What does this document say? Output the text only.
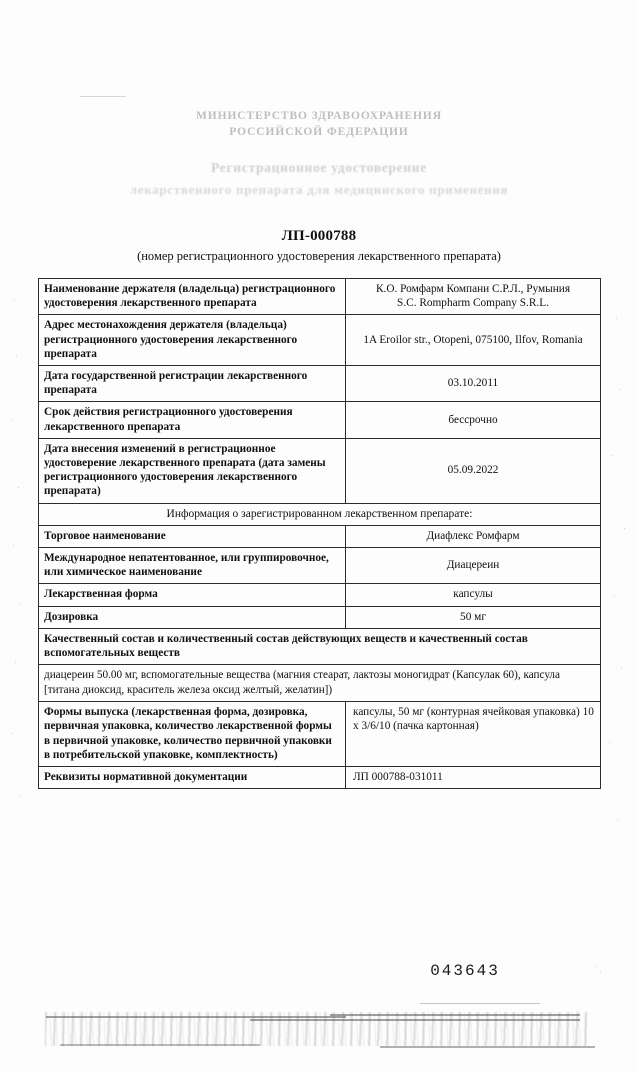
МИНИСТЕРСТВО ЗДРАВООХРАНЕНИЯ
РОССИЙСКОЙ ФЕДЕРАЦИИ
Регистрационное удостоверение
лекарственного препарата для медицинского применения
ЛП-000788
(номер регистрационного удостоверения лекарственного препарата)
Наименование держателя (владельца) регистрационного удостоверения лекарственного препарата	К.О. Ромфарм Компани С.Р.Л., Румыния
S.C. Rompharm Company S.R.L.

Адрес местонахождения держателя (владельца) регистрационного удостоверения лекарственного препарата	1A Eroilor str., Otopeni, 075100, Ilfov, Romania
Дата государственной регистрации лекарственного препарата	03.10.2011
Срок действия регистрационного удостоверения лекарственного препарата	бессрочно
Дата внесения изменений в регистрационное удостоверение лекарственного препарата (дата замены регистрационного удостоверения лекарственного препарата)	05.09.2022
Информация о зарегистрированном лекарственном препарате:	
Торговое наименование	Диафлекс Ромфарм
Международное непатентованное, или группировочное, или химическое наименование	Диацереин
Лекарственная форма	капсулы
Дозировка	50 мг
Качественный состав и количественный состав действующих веществ и качественный состав вспомогательных веществ	
диацереин 50.00 мг, вспомогательные вещества (магния стеарат, лактозы моногидрат (Капсулак 60), капсула [титана диоксид, краситель железа оксид желтый, желатин])	
Формы выпуска (лекарственная форма, дозировка, первичная упаковка, количество лекарственной формы в первичной упаковке, количество первичной упаковки в потребительской упаковке, комплектность)	капсулы, 50 мг (контурная ячейковая упаковка) 10 х 3/6/10 (пачка картонная)
Реквизиты нормативной документации	ЛП 000788-031011
043643
